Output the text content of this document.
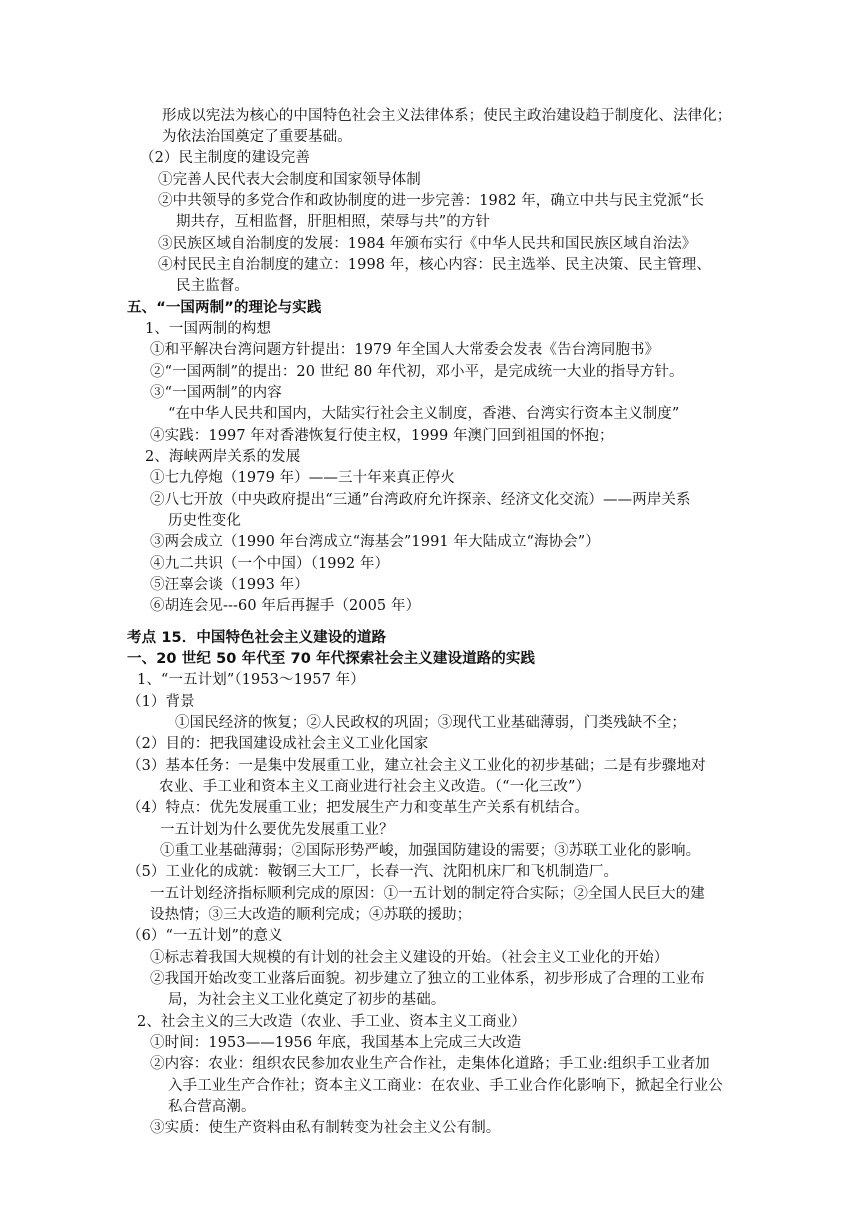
形成以宪法为核心的中国特色社会主义法律体系；使民主政治建设趋于制度化、法律化；
为依法治国奠定了重要基础。
（2）民主制度的建设完善
①完善人民代表大会制度和国家领导体制
②中共领导的多党合作和政协制度的进一步完善：1982 年，确立中共与民主党派“长
期共存，互相监督，肝胆相照，荣辱与共”的方针
③民族区域自治制度的发展：1984 年颁布实行《中华人民共和国民族区域自治法》
④村民民主自治制度的建立：1998 年，核心内容：民主选举、民主决策、民主管理、
民主监督。
五、“一国两制”的理论与实践
1、一国两制的构想
①和平解决台湾问题方针提出：1979 年全国人大常委会发表《告台湾同胞书》
②“一国两制”的提出：20 世纪 80 年代初，邓小平，是完成统一大业的指导方针。
③“一国两制”的内容
“在中华人民共和国内，大陆实行社会主义制度，香港、台湾实行资本主义制度”
④实践：1997 年对香港恢复行使主权，1999 年澳门回到祖国的怀抱；
2、海峡两岸关系的发展
①七九停炮（1979 年）——三十年来真正停火
②八七开放（中央政府提出“三通”台湾政府允许探亲、经济文化交流）——两岸关系
历史性变化
③两会成立（1990 年台湾成立“海基会”1991 年大陆成立“海协会”）
④九二共识（一个中国）（1992 年）
⑤汪辜会谈（1993 年）
⑥胡连会见---60 年后再握手（2005 年）
考点 15．中国特色社会主义建设的道路
一、20 世纪 50 年代至 70 年代探索社会主义建设道路的实践
1、“一五计划”（1953～1957 年）
（1）背景
①国民经济的恢复；②人民政权的巩固；③现代工业基础薄弱，门类残缺不全；
（2）目的：把我国建设成社会主义工业化国家
（3）基本任务：一是集中发展重工业，建立社会主义工业化的初步基础；二是有步骤地对
农业、手工业和资本主义工商业进行社会主义改造。（“一化三改”）
（4）特点：优先发展重工业；把发展生产力和变革生产关系有机结合。
一五计划为什么要优先发展重工业？
①重工业基础薄弱；②国际形势严峻，加强国防建设的需要；③苏联工业化的影响。
（5）工业化的成就：鞍钢三大工厂，长春一汽、沈阳机床厂和飞机制造厂。
一五计划经济指标顺利完成的原因：①一五计划的制定符合实际；②全国人民巨大的建
设热情；③三大改造的顺利完成；④苏联的援助；
（6）“一五计划”的意义
①标志着我国大规模的有计划的社会主义建设的开始。（社会主义工业化的开始）
②我国开始改变工业落后面貌。初步建立了独立的工业体系，初步形成了合理的工业布
局，为社会主义工业化奠定了初步的基础。
2、社会主义的三大改造（农业、手工业、资本主义工商业）
①时间：1953——1956 年底，我国基本上完成三大改造
②内容：农业：组织农民参加农业生产合作社，走集体化道路；手工业:组织手工业者加
入手工业生产合作社；资本主义工商业：在农业、手工业合作化影响下，掀起全行业公
私合营高潮。
③实质：使生产资料由私有制转变为社会主义公有制。
